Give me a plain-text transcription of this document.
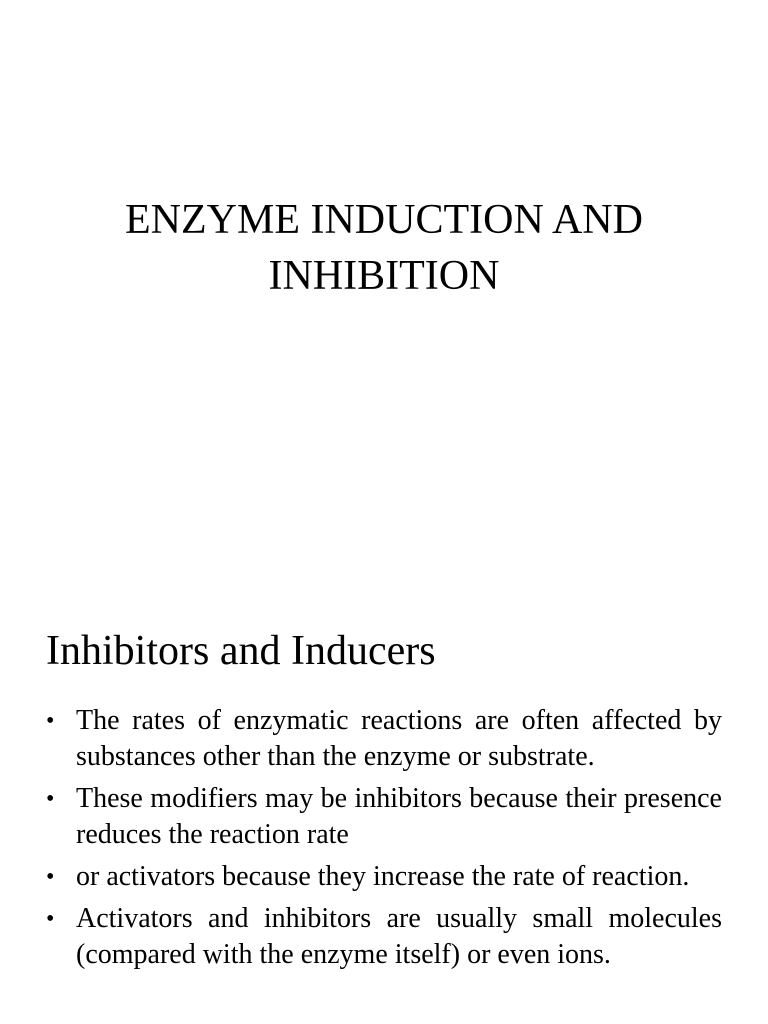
ENZYME INDUCTION AND
INHIBITION
Inhibitors and Inducers
• The rates of enzymatic reactions are often affected by substances other than the enzyme or substrate.
• These modifiers may be inhibitors because their presence reduces the reaction rate
• or activators because they increase the rate of reaction.
• Activators and inhibitors are usually small molecules (compared with the enzyme itself) or even ions.
